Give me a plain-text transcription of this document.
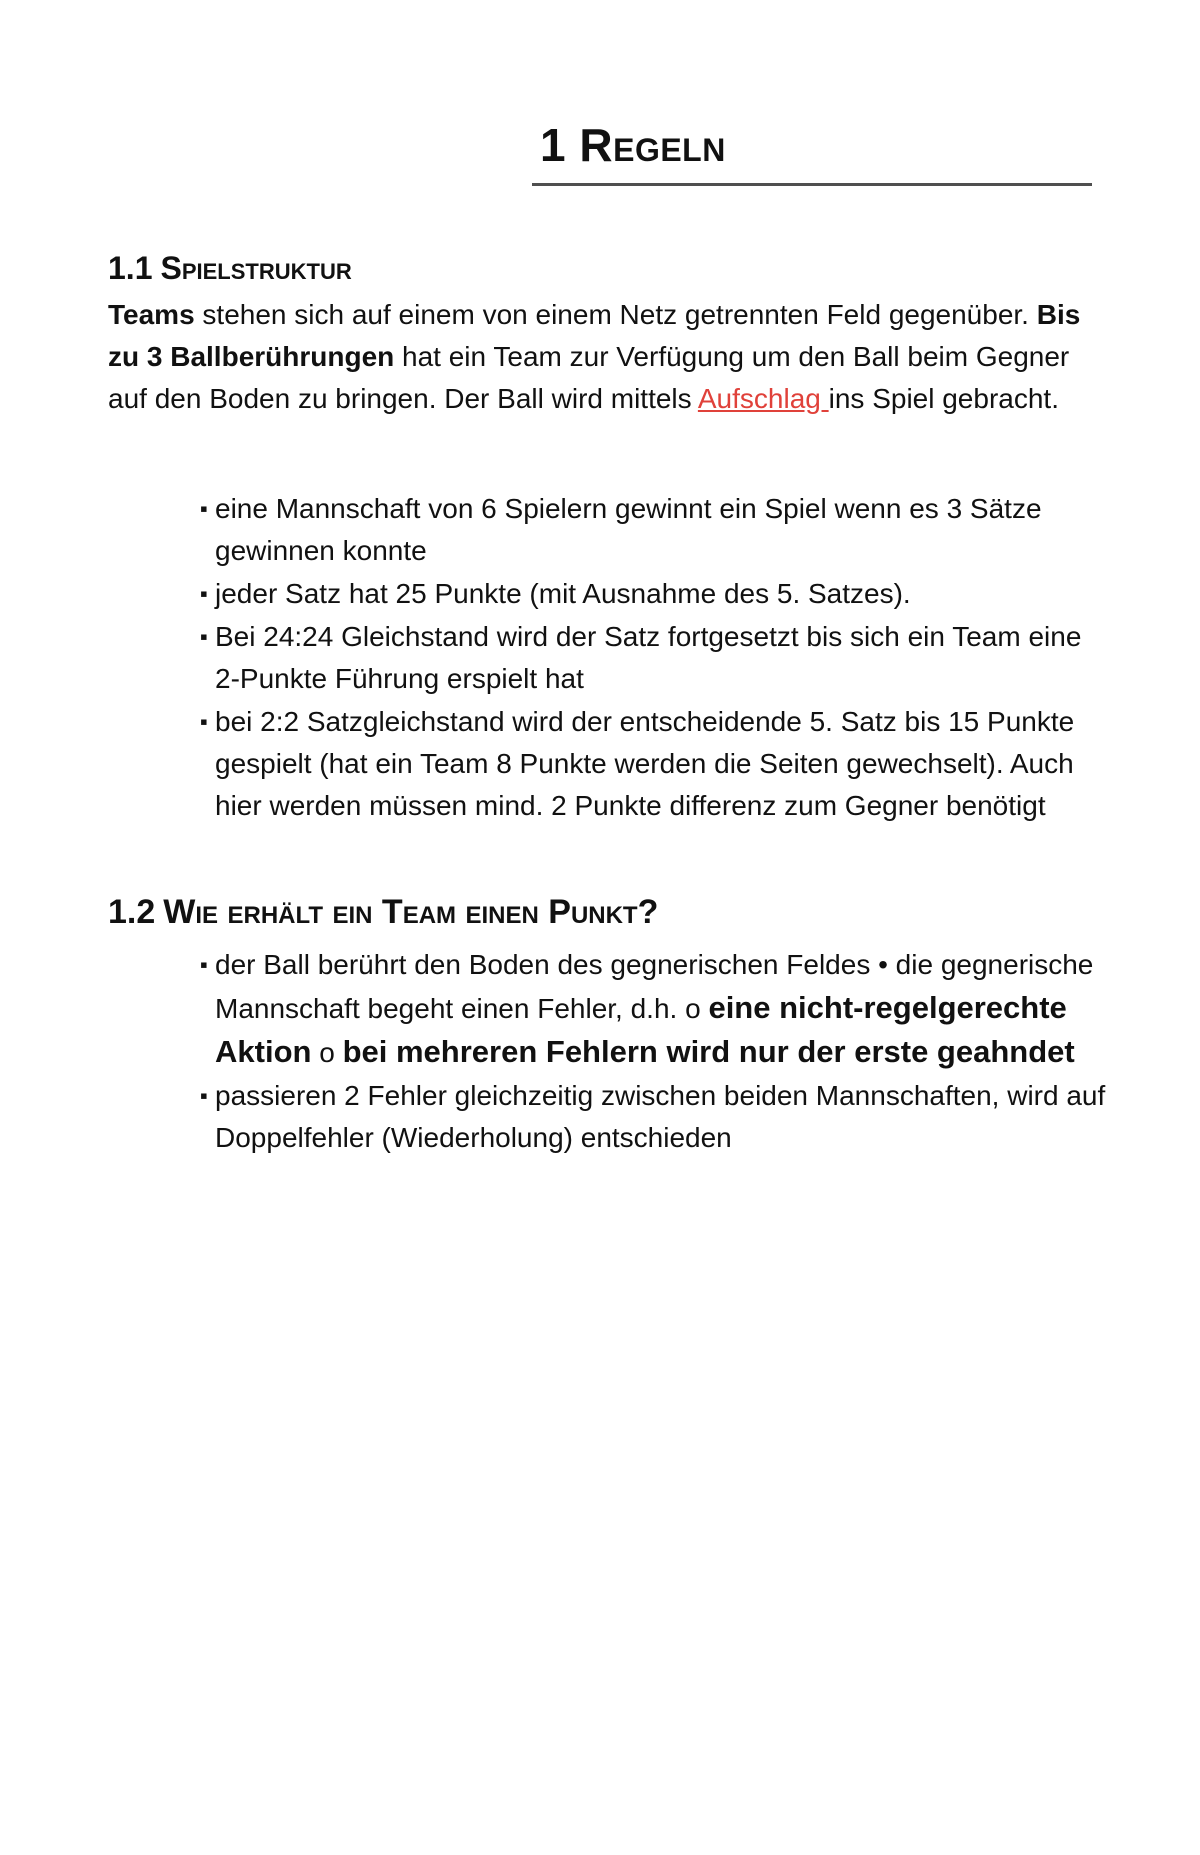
1 Regeln
1.1 Spielstruktur

Teams stehen sich auf einem von einem Netz getrennten Feld gegenüber. Bis zu 3 Ballberührungen hat ein Team zur Verfügung um den Ball beim Gegner auf den Boden zu bringen. Der Ball wird mittels Aufschlag ins Spiel gebracht.

▪ eine Mannschaft von 6 Spielern gewinnt ein Spiel wenn es 3 Sätze gewinnen konnte
▪ jeder Satz hat 25 Punkte (mit Ausnahme des 5. Satzes).
▪ Bei 24:24 Gleichstand wird der Satz fortgesetzt bis sich ein Team eine 2-Punkte Führung erspielt hat
▪ bei 2:2 Satzgleichstand wird der entscheidende 5. Satz bis 15 Punkte gespielt (hat ein Team 8 Punkte werden die Seiten gewechselt). Auch hier werden müssen mind. 2 Punkte differenz zum Gegner benötigt
1.2 Wie erhält ein Team einen Punkt?
▪ der Ball berührt den Boden des gegnerischen Feldes • die gegnerische Mannschaft begeht einen Fehler, d.h. o eine nicht-regelgerechte Aktion o bei mehreren Fehlern wird nur der erste geahndet
▪ passieren 2 Fehler gleichzeitig zwischen beiden Mannschaften, wird auf Doppelfehler (Wiederholung) entschieden
